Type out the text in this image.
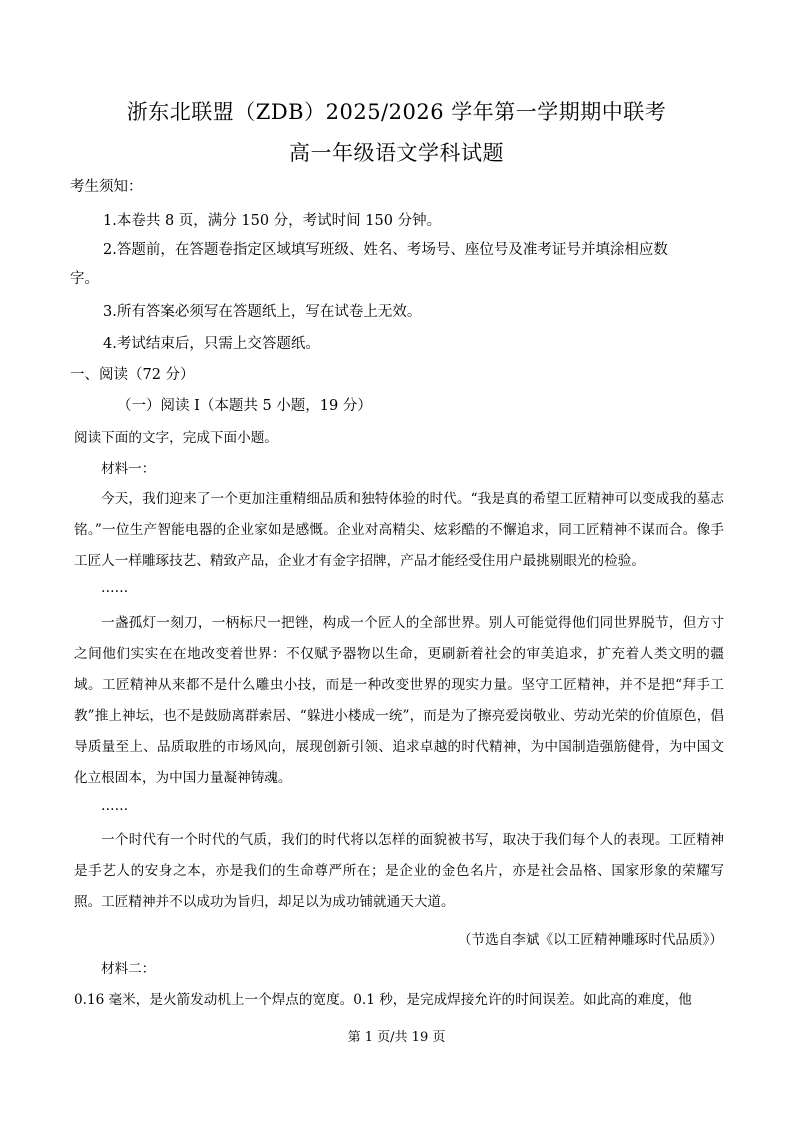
浙东北联盟（ZDB）2025/2026 学年第一学期期中联考
高一年级语文学科试题
考生须知：
1.本卷共 8 页，满分 150 分，考试时间 150 分钟。
2.答题前，在答题卷指定区域填写班级、姓名、考场号、座位号及准考证号并填涂相应数
字。
3.所有答案必须写在答题纸上，写在试卷上无效。
4.考试结束后，只需上交答题纸。
一、阅读（72 分）
（一）阅读 I（本题共 5 小题，19 分）
阅读下面的文字，完成下面小题。
材料一：
今天，我们迎来了一个更加注重精细品质和独特体验的时代。“我是真的希望工匠精神可以变成我的墓志铭。”一位生产智能电器的企业家如是感慨。企业对高精尖、炫彩酷的不懈追求，同工匠精神不谋而合。像手工匠人一样雕琢技艺、精致产品，企业才有金字招牌，产品才能经受住用户最挑剔眼光的检验。
……
一盏孤灯一刻刀，一柄标尺一把锉，构成一个匠人的全部世界。别人可能觉得他们同世界脱节，但方寸之间他们实实在在地改变着世界：不仅赋予器物以生命，更刷新着社会的审美追求，扩充着人类文明的疆域。工匠精神从来都不是什么雕虫小技，而是一种改变世界的现实力量。坚守工匠精神，并不是把“拜手工教”推上神坛，也不是鼓励离群索居、“躲进小楼成一统”，而是为了擦亮爱岗敬业、劳动光荣的价值原色，倡导质量至上、品质取胜的市场风向，展现创新引领、追求卓越的时代精神，为中国制造强筋健骨，为中国文化立根固本，为中国力量凝神铸魂。
……
一个时代有一个时代的气质，我们的时代将以怎样的面貌被书写，取决于我们每个人的表现。工匠精神是手艺人的安身之本，亦是我们的生命尊严所在；是企业的金色名片，亦是社会品格、国家形象的荣耀写照。工匠精神并不以成功为旨归，却足以为成功铺就通天大道。
（节选自李斌《以工匠精神雕琢时代品质》）
材料二：
0.16 毫米，是火箭发动机上一个焊点的宽度。0.1 秒，是完成焊接允许的时间误差。如此高的难度，他
第 1 页/共 19 页
